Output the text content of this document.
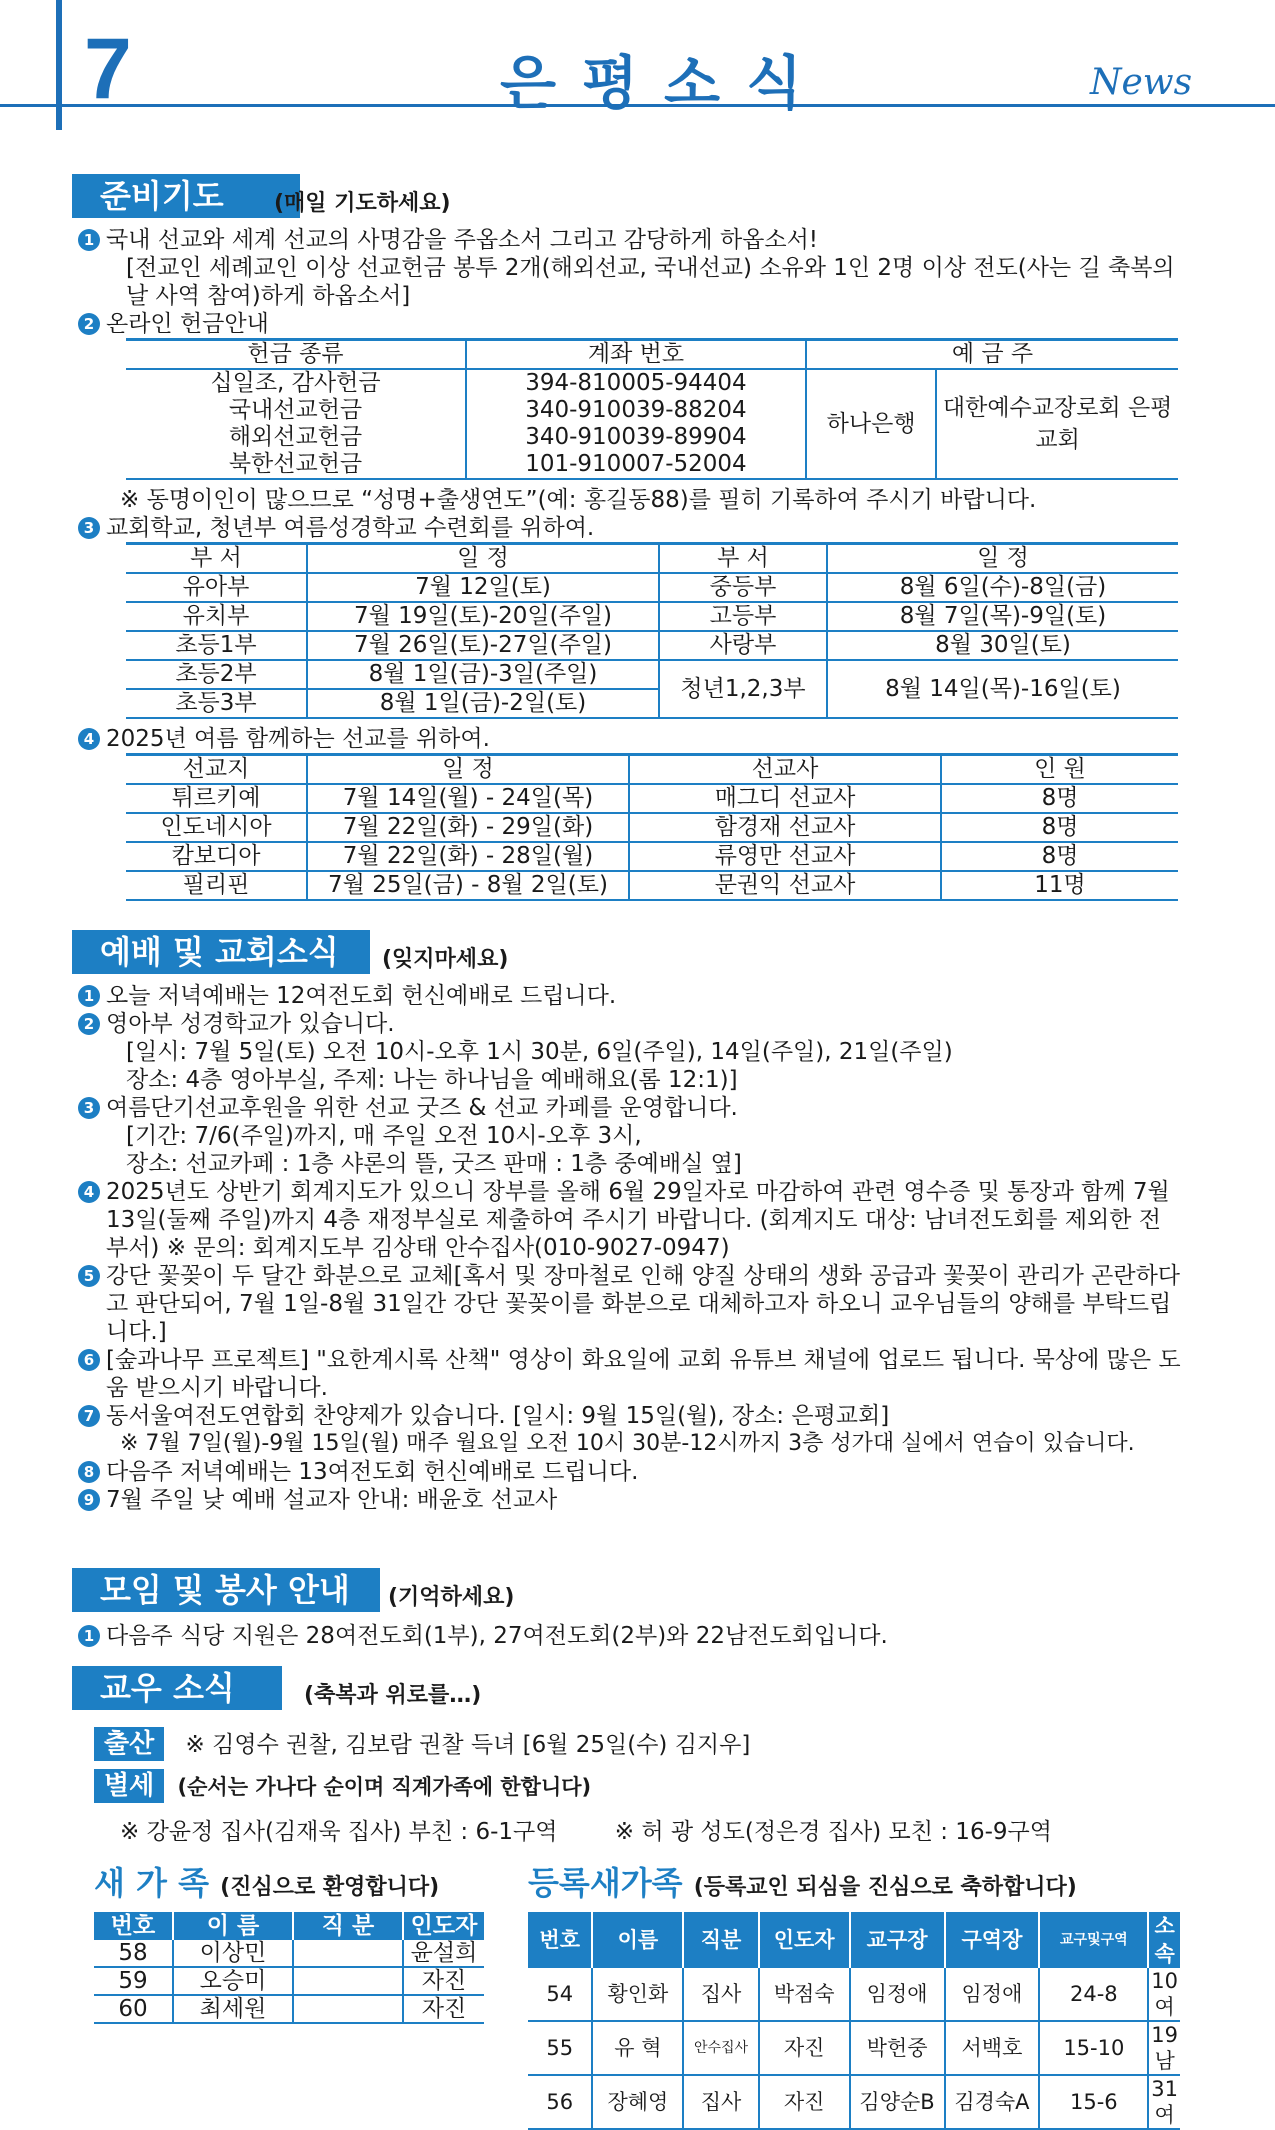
7	은평소식	News
준비기도	(매일 기도하세요)
1 국내 선교와 세계 선교의 사명감을 주옵소서 그리고 감당하게 하옵소서!
[전교인 세례교인 이상 선교헌금 봉투 2개(해외선교, 국내선교) 소유와 1인 2명 이상 전도(사는 길 축복의 날 사역 참여)하게 하옵소서]
2 온라인 헌금안내
헌금 종류	계좌 번호	예 금 주	
십일조, 감사헌금	394-810005-94404	하나은행	대한예수교장로회 은평교회
국내선교헌금	340-910039-88204		
해외선교헌금	340-910039-89904		
북한선교헌금	101-910007-52004		
※ 동명이인이 많으므로 “성명+출생연도”(예: 홍길동88)를 필히 기록하여 주시기 바랍니다.
3 교회학교, 청년부 여름성경학교 수련회를 위하여.
부 서	일 정	부 서	일 정
유아부	7월 12일(토)	중등부	8월 6일(수)-8일(금)
유치부	7월 19일(토)-20일(주일)	고등부	8월 7일(목)-9일(토)
초등1부	7월 26일(토)-27일(주일)	사랑부	8월 30일(토)
초등2부	8월 1일(금)-3일(주일)	청년1,2,3부	8월 14일(목)-16일(토)
초등3부	8월 1일(금)-2일(토)		
4 2025년 여름 함께하는 선교를 위하여.
선교지	일 정	선교사	인 원
튀르키예	7월 14일(월) - 24일(목)	매그디 선교사	8명
인도네시아	7월 22일(화) - 29일(화)	함경재 선교사	8명
캄보디아	7월 22일(화) - 28일(월)	류영만 선교사	8명
필리핀	7월 25일(금) - 8월 2일(토)	문권익 선교사	11명
예배 및 교회소식	(잊지마세요)
1 오늘 저녁예배는 12여전도회 헌신예배로 드립니다.
2 영아부 성경학교가 있습니다.
[일시: 7월 5일(토) 오전 10시-오후 1시 30분, 6일(주일), 14일(주일), 21일(주일)
장소: 4층 영아부실, 주제: 나는 하나님을 예배해요(롬 12:1)]
3 여름단기선교후원을 위한 선교 굿즈 & 선교 카페를 운영합니다.
[기간: 7/6(주일)까지, 매 주일 오전 10시-오후 3시,
장소: 선교카페 : 1층 샤론의 뜰, 굿즈 판매 : 1층 중예배실 옆]
4 2025년도 상반기 회계지도가 있으니 장부를 올해 6월 29일자로 마감하여 관련 영수증 및 통장과 함께 7월 13일(둘째 주일)까지 4층 재정부실로 제출하여 주시기 바랍니다. (회계지도 대상: 남녀전도회를 제외한 전 부서) ※ 문의: 회계지도부 김상태 안수집사(010-9027-0947)
5 강단 꽃꽂이 두 달간 화분으로 교체[혹서 및 장마철로 인해 양질 상태의 생화 공급과 꽃꽂이 관리가 곤란하다고 판단되어, 7월 1일-8월 31일간 강단 꽃꽂이를 화분으로 대체하고자 하오니 교우님들의 양해를 부탁드립니다.]
6 [숲과나무 프로젝트] "요한계시록 산책" 영상이 화요일에 교회 유튜브 채널에 업로드 됩니다. 묵상에 많은 도움 받으시기 바랍니다.
7 동서울여전도연합회 찬양제가 있습니다. [일시: 9월 15일(월), 장소: 은평교회]
※ 7월 7일(월)-9월 15일(월) 매주 월요일 오전 10시 30분-12시까지 3층 성가대 실에서 연습이 있습니다.
8 다음주 저녁예배는 13여전도회 헌신예배로 드립니다.
9 7월 주일 낮 예배 설교자 안내: 배윤호 선교사
모임 및 봉사 안내	(기억하세요)
1 다음주 식당 지원은 28여전도회(1부), 27여전도회(2부)와 22남전도회입니다.
교우 소식	(축복과 위로를…)
출산 ※ 김영수 권찰, 김보람 권찰 득녀 [6월 25일(수) 김지우]
별세 (순서는 가나다 순이며 직계가족에 한합니다)
※ 강윤정 집사(김재욱 집사) 부친 : 6-1구역 ※ 허 광 성도(정은경 집사) 모친 : 16-9구역
새 가 족 (진심으로 환영합니다)
번호	이 름	직 분	인도자
58	이상민		윤설희
59	오승미		자진
60	최세원		자진
등록새가족 (등록교인 되심을 진심으로 축하합니다)
번호	이름	직분	인도자	교구장	구역장	교구및구역	소속
54	황인화	집사	박점숙	임정애	임정애	24-8	10여
55	유 혁	안수집사	자진	박헌중	서백호	15-10	19남
56	장혜영	집사	자진	김양순B	김경숙A	15-6	31여
